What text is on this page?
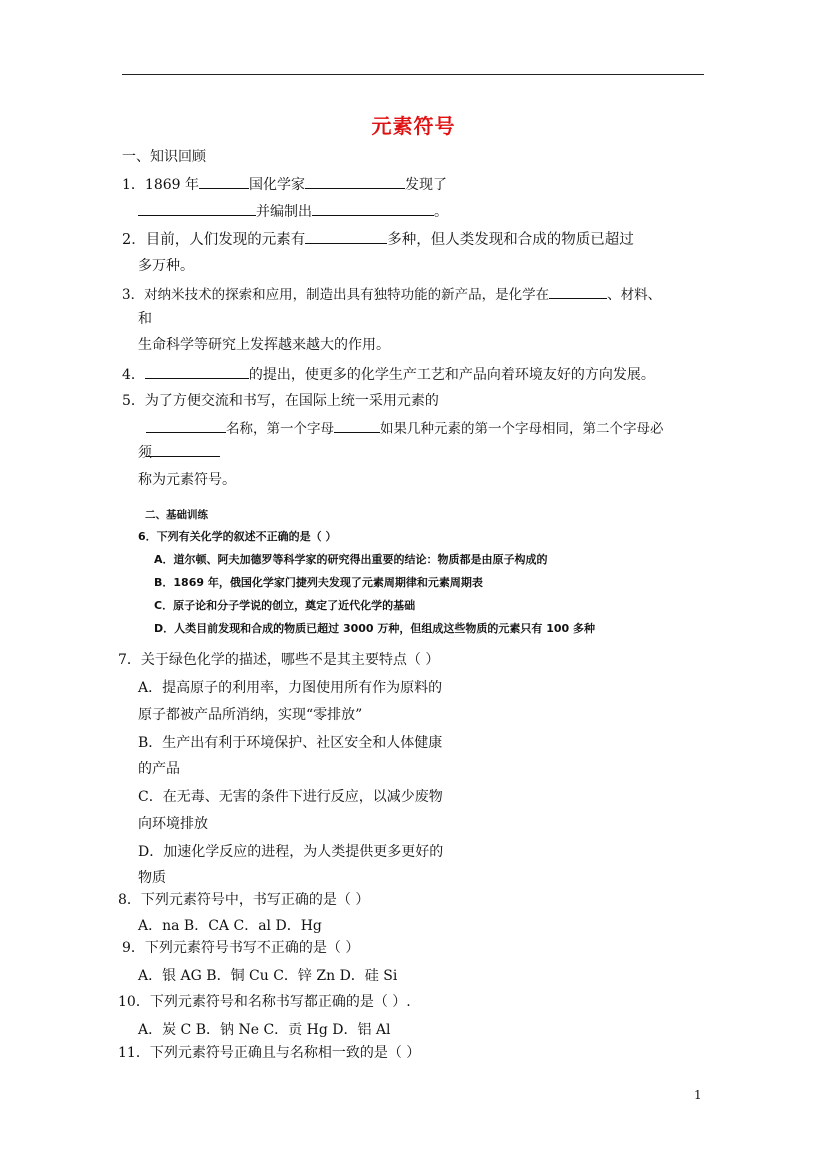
元素符号
一、知识回顾
1．1869 年	国化学家	发现了
并编制出	。
2．目前，人们发现的元素有	多种，但人类发现和合成的物质已超过
多万种。
3．对纳米技术的探索和应用，制造出具有独特功能的新产品，是化学在	、材料、
和
生命科学等研究上发挥越来越大的作用。
4．	的提出，使更多的化学生产工艺和产品向着环境友好的方向发展。
5．为了方便交流和书写，在国际上统一采用元素的
名称，第一个字母	如果几种元素的第一个字母相同，第二个字母必
须
称为元素符号。
二、基础训练
6．下列有关化学的叙述不正确的是（ ）
A．道尔顿、阿夫加德罗等科学家的研究得出重要的结论：物质都是由原子构成的
B．1869 年，俄国化学家门捷列夫发现了元素周期律和元素周期表
C．原子论和分子学说的创立，奠定了近代化学的基础
D．人类目前发现和合成的物质已超过 3000 万种，但组成这些物质的元素只有 100 多种
7．关于绿色化学的描述，哪些不是其主要特点（ ）
A．提高原子的利用率，力图使用所有作为原料的
原子都被产品所消纳，实现“零排放”
B．生产出有利于环境保护、社区安全和人体健康
的产品
C．在无毒、无害的条件下进行反应，以减少废物
向环境排放
D．加速化学反应的进程，为人类提供更多更好的
物质
8．下列元素符号中，书写正确的是（ ）
A．na B．CA C．al D．Hg
9．下列元素符号书写不正确的是（ ）
A．银 AG B．铜 Cu C．锌 Zn D．硅 Si
10．下列元素符号和名称书写都正确的是（ ）.
A．炭 C B．钠 Ne C．贡 Hg D．铝 Al
11．下列元素符号正确且与名称相一致的是（ ）
1
